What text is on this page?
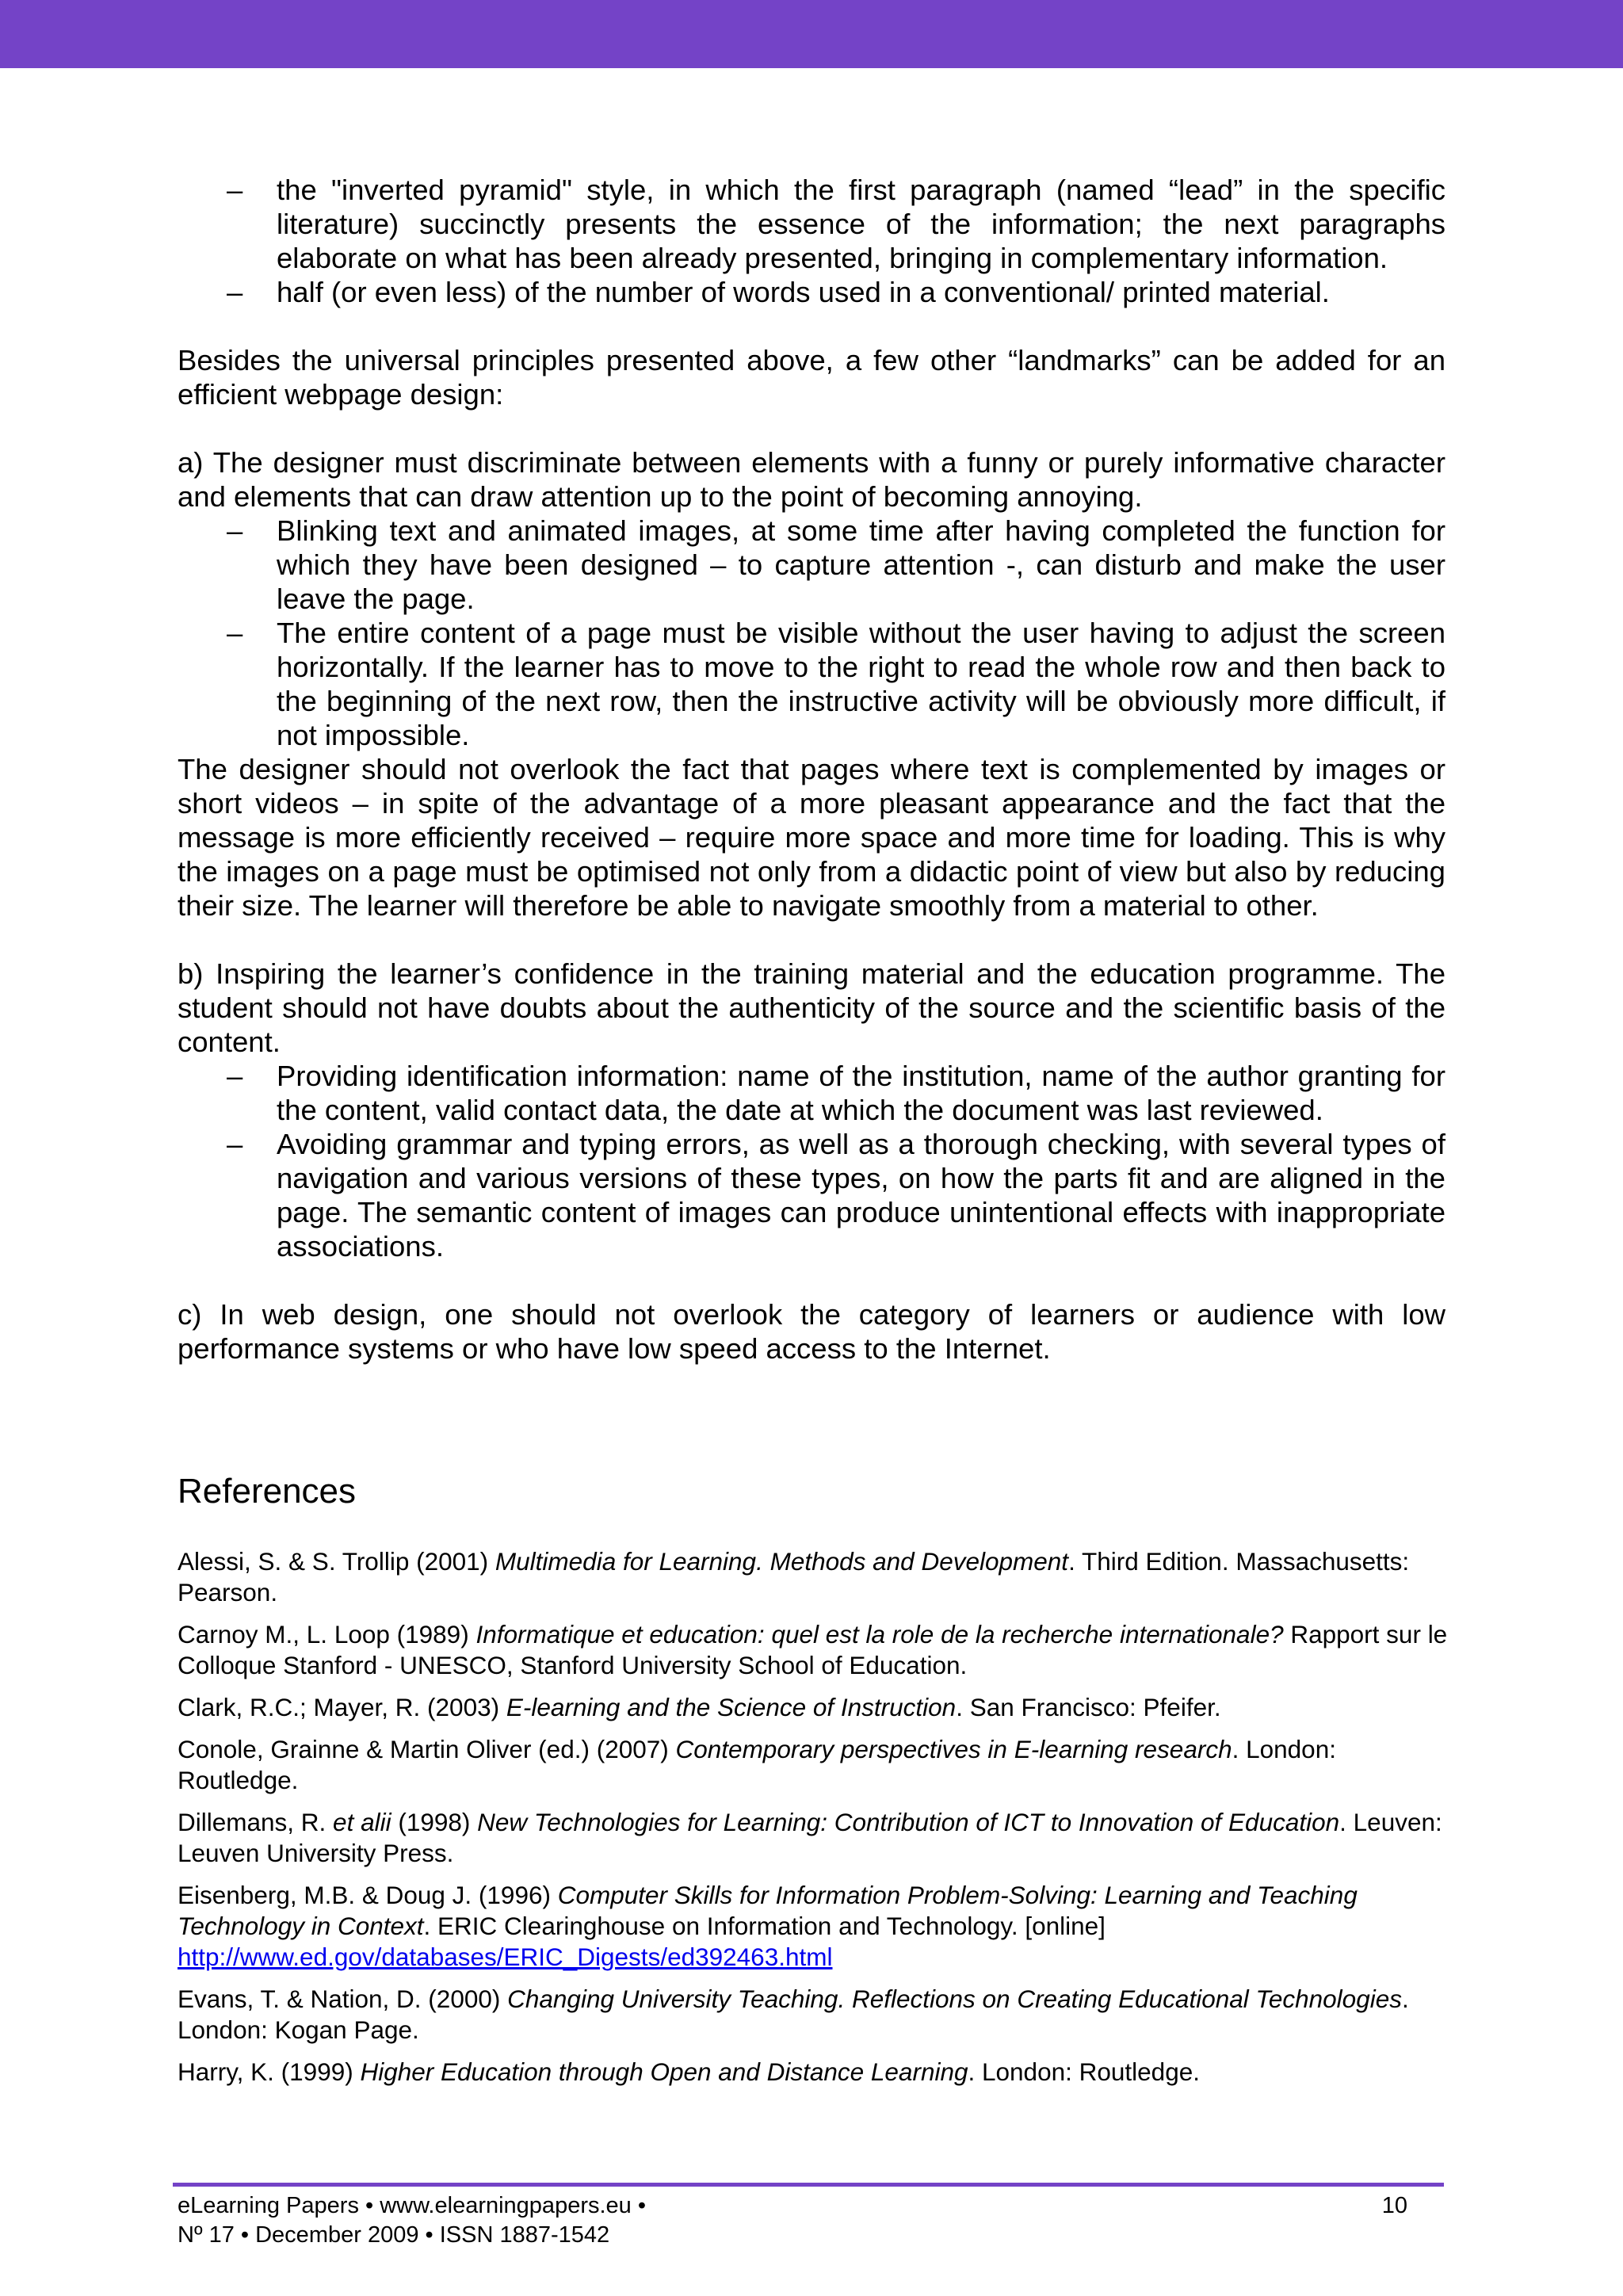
– the "inverted pyramid" style, in which the first paragraph (named “lead” in the specific literature) succinctly presents the essence of the information; the next paragraphs elaborate on what has been already presented, bringing in complementary information.
– half (or even less) of the number of words used in a conventional/ printed material.

Besides the universal principles presented above, a few other “landmarks” can be added for an efficient webpage design:

a) The designer must discriminate between elements with a funny or purely informative character and elements that can draw attention up to the point of becoming annoying.

– Blinking text and animated images, at some time after having completed the function for which they have been designed – to capture attention -, can disturb and make the user leave the page.
– The entire content of a page must be visible without the user having to adjust the screen horizontally. If the learner has to move to the right to read the whole row and then back to the beginning of the next row, then the instructive activity will be obviously more difficult, if not impossible.

The designer should not overlook the fact that pages where text is complemented by images or short videos – in spite of the advantage of a more pleasant appearance and the fact that the message is more efficiently received – require more space and more time for loading. This is why the images on a page must be optimised not only from a didactic point of view but also by reducing their size. The learner will therefore be able to navigate smoothly from a material to other.

b) Inspiring the learner’s confidence in the training material and the education programme. The student should not have doubts about the authenticity of the source and the scientific basis of the content.

– Providing identification information: name of the institution, name of the author granting for the content, valid contact data, the date at which the document was last reviewed.
– Avoiding grammar and typing errors, as well as a thorough checking, with several types of navigation and various versions of these types, on how the parts fit and are aligned in the page. The semantic content of images can produce unintentional effects with inappropriate associations.

c) In web design, one should not overlook the category of learners or audience with low performance systems or who have low speed access to the Internet.

References

Alessi, S. & S. Trollip (2001) Multimedia for Learning. Methods and Development. Third Edition. Massachusetts: Pearson.

Carnoy M., L. Loop (1989) Informatique et education: quel est la role de la recherche internationale? Rapport sur le Colloque Stanford - UNESCO, Stanford University School of Education.

Clark, R.C.; Mayer, R. (2003) E-learning and the Science of Instruction. San Francisco: Pfeifer.

Conole, Grainne & Martin Oliver (ed.) (2007) Contemporary perspectives in E-learning research. London: Routledge.

Dillemans, R. et alii (1998) New Technologies for Learning: Contribution of ICT to Innovation of Education. Leuven: Leuven University Press.

Eisenberg, M.B. & Doug J. (1996) Computer Skills for Information Problem-Solving: Learning and Teaching Technology in Context. ERIC Clearinghouse on Information and Technology. [online]
http://www.ed.gov/databases/ERIC_Digests/ed392463.html

Evans, T. & Nation, D. (2000) Changing University Teaching. Reflections on Creating Educational Technologies. London: Kogan Page.

Harry, K. (1999) Higher Education through Open and Distance Learning. London: Routledge.

eLearning Papers • www.elearningpapers.eu •
Nº 17 • December 2009 • ISSN 1887-1542
10
